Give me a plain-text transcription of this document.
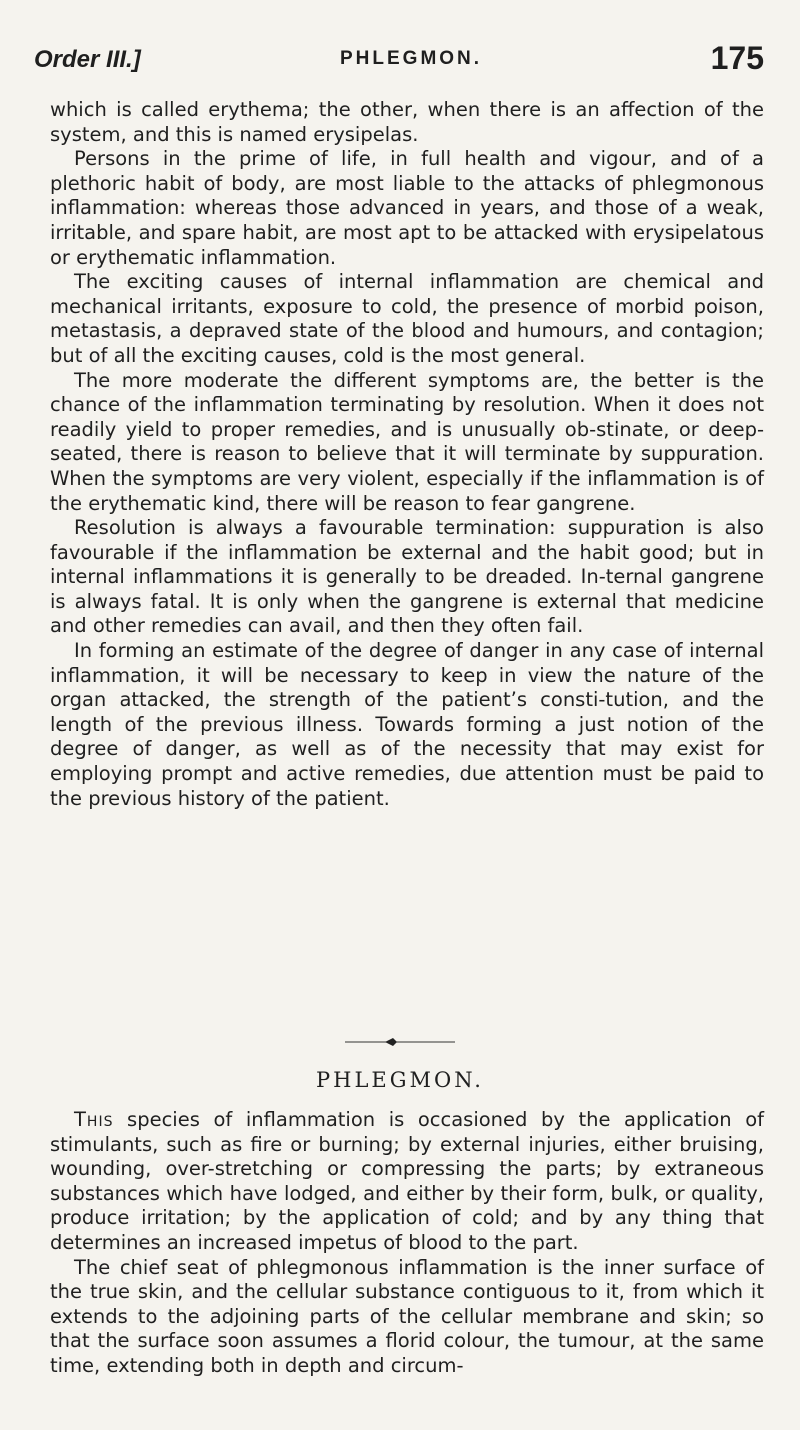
Order III.]	PHLEGMON.	175

which is called erythema; the other, when there is an affection of the system, and this is named erysipelas.

Persons in the prime of life, in full health and vigour, and of a plethoric habit of body, are most liable to the attacks of phlegmonous inflammation: whereas those advanced in years, and those of a weak, irritable, and spare habit, are most apt to be attacked with erysipelatous or erythematic inflammation.

The exciting causes of internal inflammation are chemical and mechanical irritants, exposure to cold, the presence of morbid poison, metastasis, a depraved state of the blood and humours, and contagion; but of all the exciting causes, cold is the most general.

The more moderate the different symptoms are, the better is the chance of the inflammation terminating by resolution. When it does not readily yield to proper remedies, and is unusually ob-stinate, or deep-seated, there is reason to believe that it will terminate by suppuration. When the symptoms are very violent, especially if the inflammation is of the erythematic kind, there will be reason to fear gangrene.

Resolution is always a favourable termination: suppuration is also favourable if the inflammation be external and the habit good; but in internal inflammations it is generally to be dreaded. In-ternal gangrene is always fatal. It is only when the gangrene is external that medicine and other remedies can avail, and then they often fail.

In forming an estimate of the degree of danger in any case of internal inflammation, it will be necessary to keep in view the nature of the organ attacked, the strength of the patient’s consti-tution, and the length of the previous illness. Towards forming a just notion of the degree of danger, as well as of the necessity that may exist for employing prompt and active remedies, due attention must be paid to the previous history of the patient.

PHLEGMON.

This species of inflammation is occasioned by the application of stimulants, such as fire or burning; by external injuries, either bruising, wounding, over-stretching or compressing the parts; by extraneous substances which have lodged, and either by their form, bulk, or quality, produce irritation; by the application of cold; and by any thing that determines an increased impetus of blood to the part.

The chief seat of phlegmonous inflammation is the inner surface of the true skin, and the cellular substance contiguous to it, from which it extends to the adjoining parts of the cellular membrane and skin; so that the surface soon assumes a florid colour, the tumour, at the same time, extending both in depth and circum-
